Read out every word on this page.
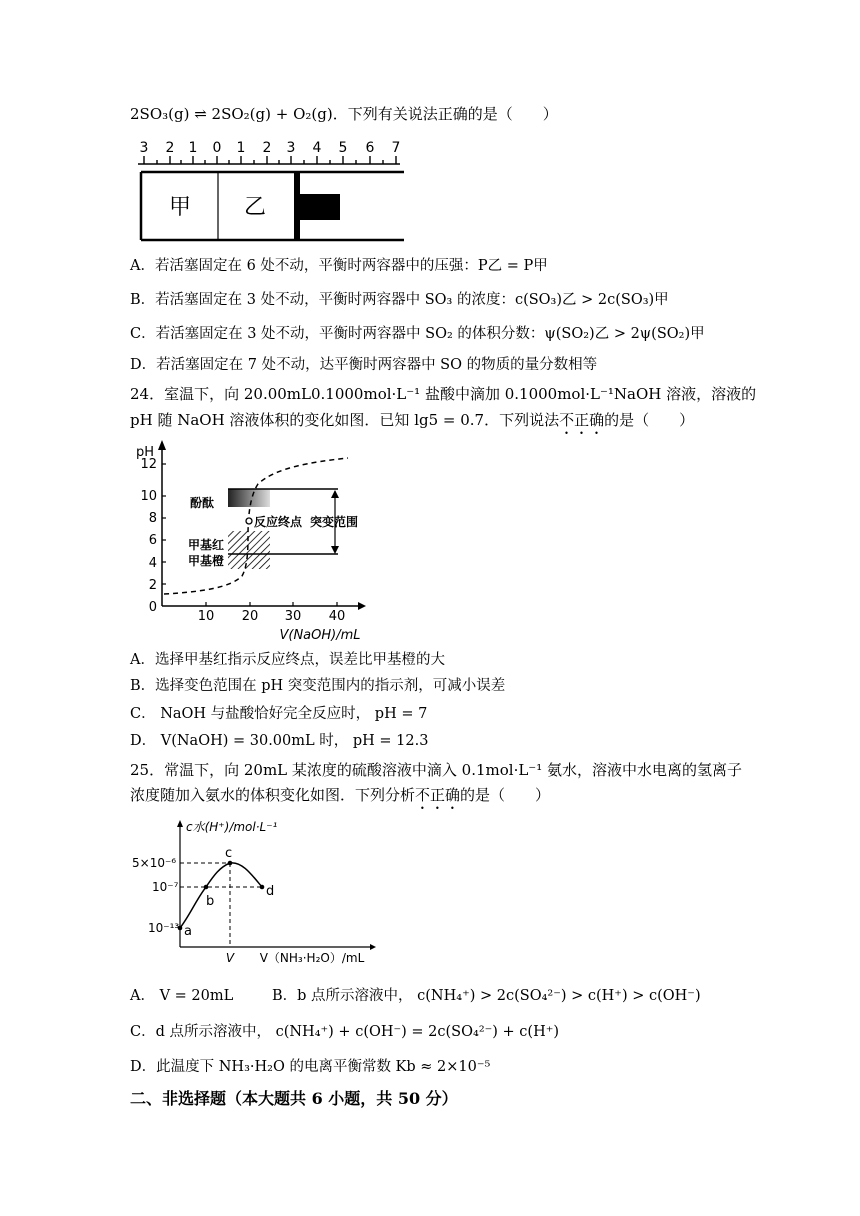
2SO₃(g) ⇌ 2SO₂(g) + O₂(g)．下列有关说法正确的是（　　）
3 2 1 0 1 2 3 4 5 6 7
甲 乙
A．若活塞固定在 6 处不动，平衡时两容器中的压强：P乙 = P甲
B．若活塞固定在 3 处不动，平衡时两容器中 SO₃ 的浓度：c(SO₃)乙 > 2c(SO₃)甲
C．若活塞固定在 3 处不动，平衡时两容器中 SO₂ 的体积分数：ψ(SO₂)乙 > 2ψ(SO₂)甲
D．若活塞固定在 7 处不动，达平衡时两容器中 SO 的物质的量分数相等
24．室温下，向 20.00mL0.1000mol·L⁻¹ 盐酸中滴加 0.1000mol·L⁻¹NaOH 溶液，溶液的
pH 随 NaOH 溶液体积的变化如图．已知 lg5 = 0.7．下列说法不正确的是（　　）
pH
0
2
4
6
8
10
12
10 20 30 40
V(NaOH)/mL
酚酞
反应终点 突变范围
甲基红
甲基橙
A．选择甲基红指示反应终点，误差比甲基橙的大
B．选择变色范围在 pH 突变范围内的指示剂，可减小误差
C． NaOH 与盐酸恰好完全反应时， pH = 7
D． V(NaOH) = 30.00mL 时， pH = 12.3
25．常温下，向 20mL 某浓度的硫酸溶液中滴入 0.1mol·L⁻¹ 氨水，溶液中水电离的氢离子
浓度随加入氨水的体积变化如图．下列分析不正确的是（　　）
c水(H⁺)/mol·L⁻¹
5×10⁻⁶
10⁻⁷
10⁻¹³
V V（NH₃·H₂O）/mL
a
b
c
d
A． V = 20mL	B．b 点所示溶液中， c(NH₄⁺) > 2c(SO₄²⁻) > c(H⁺) > c(OH⁻)
C．d 点所示溶液中， c(NH₄⁺) + c(OH⁻) = 2c(SO₄²⁻) + c(H⁺)
D．此温度下 NH₃·H₂O 的电离平衡常数 Kb ≈ 2×10⁻⁵
二、非选择题（本大题共 6 小题，共 50 分）
